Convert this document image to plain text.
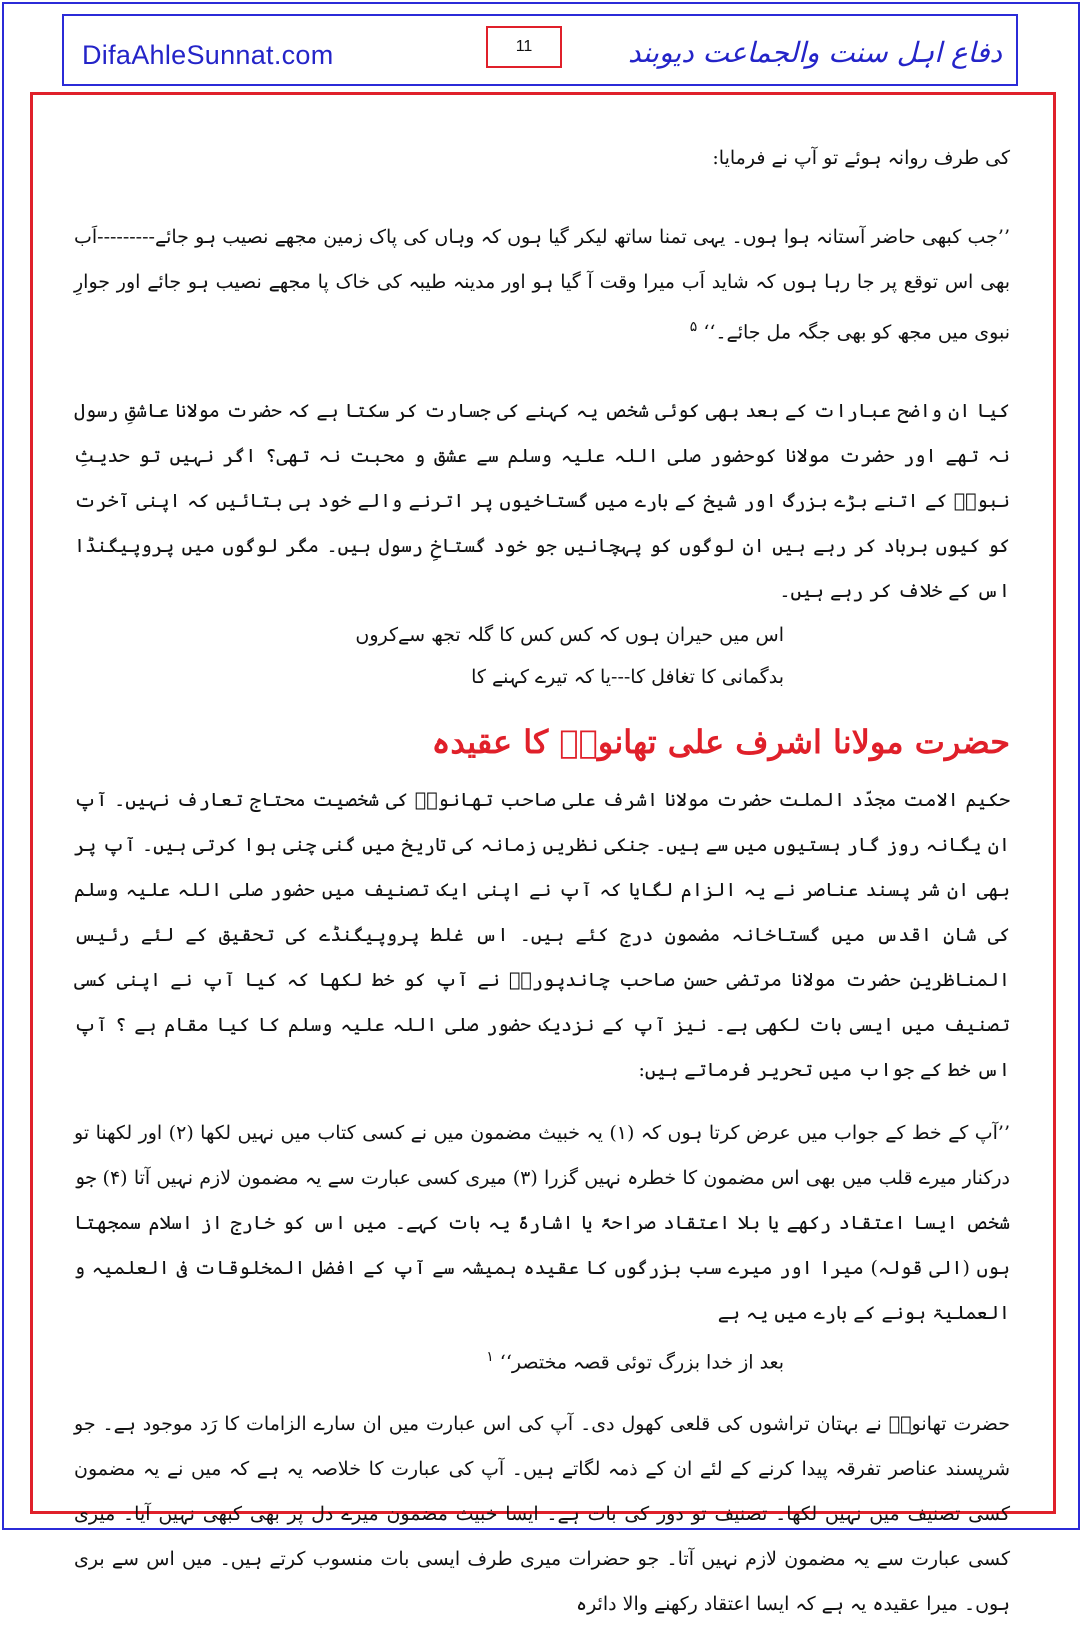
DifaAhleSunnat.com	11	دفاع اہل سنت والجماعت دیوبند

کی طرف روانہ ہوئے تو آپ نے فرمایا:

’’جب کبھی حاضر آستانہ ہوا ہوں۔ یہی تمنا ساتھ لیکر گیا ہوں کہ وہاں کی پاک زمین مجھے نصیب ہو جائے---------اَب بھی اس توقع پر جا رہا ہوں کہ شاید اَب میرا وقت آ گیا ہو اور مدینہ طیبہ کی خاک پا مجھے نصیب ہو جائے اور جوارِ نبوی میں مجھ کو بھی جگہ مل جائے۔‘‘ $^۵$

کیا ان واضح عبارات کے بعد بھی کوئی شخص یہ کہنے کی جسارت کر سکتا ہے کہ حضرت مولانا عاشقِ رسول نہ تھے اور حضرت مولانا کوحضور صلی اللہ علیہ وسلم سے عشق و محبت نہ تھی؟ اگر نہیں تو حدیثِ نبویؐ کے اتنے بڑے بزرگ اور شیخ کے بارے میں گستاخیوں پر اترنے والے خود ہی بتائیں کہ اپنی آخرت کو کیوں برباد کر رہے ہیں ان لوگوں کو پہچانیں جو خود گستاخِ رسول ہیں۔ مگر لوگوں میں پروپیگنڈا اس کے خلاف کر رہے ہیں۔

اس میں حیران ہوں کہ کس کس کا گلہ تجھ سےکروں

بدگمانی کا تغافل کا---یا کہ تیرے کہنے کا

حضرت مولانا اشرف علی تھانویؒ کا عقیدہ

حکیم الامت مجدّد الملت حضرت مولانا اشرف علی صاحب تھانویؒ کی شخصیت محتاج تعارف نہیں۔ آپ ان یگانہ روز گار ہستیوں میں سے ہیں۔ جنکی نظریں زمانہ کی تاریخ میں گنی چنی ہوا کرتی ہیں۔ آپ پر بھی ان شر پسند عناصر نے یہ الزام لگایا کہ آپ نے اپنی ایک تصنیف میں حضور صلی اللہ علیہ وسلم کی شانِ اقدس میں گستاخانہ مضمون درج کئے ہیں۔ اس غلط پروپیگنڈے کی تحقیق کے لئے رئیس المناظرین حضرت مولانا مرتضی حسن صاحب چاندپوریؒ نے آپ کو خط لکھا کہ کیا آپ نے اپنی کسی تصنیف میں ایسی بات لکھی ہے۔ نیز آپ کے نزدیک حضور صلی اللہ علیہ وسلم کا کیا مقام ہے ؟ آپ اس خط کے جواب میں تحریر فرماتے ہیں:

’’آپ کے خط کے جواب میں عرض کرتا ہوں کہ (۱) یہ خبیث مضمون میں نے کسی کتاب میں نہیں لکھا (۲) اور لکھنا تو درکنار میرے قلب میں بھی اس مضمون کا خطرہ نہیں گزرا (۳) میری کسی عبارت سے یہ مضمون لازم نہیں آتا (۴) جو شخص ایسا اعتقاد رکھے یا بلا اعتقاد صراحۃً یا اشارۃً یہ بات کہے۔ میں اس کو خارج از اسلام سمجھتا ہوں (الی قولہ) میرا اور میرے سب بزرگوں کا عقیدہ ہمیشہ سے آپ کے افضل المخلوقات فی العلمیہ و العملیۃ ہونے کے بارے میں یہ ہے

بعد از خدا بزرگ توئی قصہ مختصر‘‘ $^۱$

حضرت تھانویؒ نے بہتان تراشوں کی قلعی کھول دی۔ آپ کی اس عبارت میں ان سارے الزامات کا رَد موجود ہے۔ جو شرپسند عناصر تفرقہ پیدا کرنے کے لئے ان کے ذمہ لگاتے ہیں۔ آپ کی عبارت کا خلاصہ یہ ہے کہ میں نے یہ مضمون کسی تصنیف میں نہیں لکھا۔ تصنیف تو دور کی بات ہے۔ ایسا خبیث مضمون میرے دل پر بھی کبھی نہیں آیا۔ میری کسی عبارت سے یہ مضمون لازم نہیں آتا۔ جو حضرات میری طرف ایسی بات منسوب کرتے ہیں۔ میں اس سے بری ہوں۔ میرا عقیدہ یہ ہے کہ ایسا اعتقاد رکھنے والا دائرہ
